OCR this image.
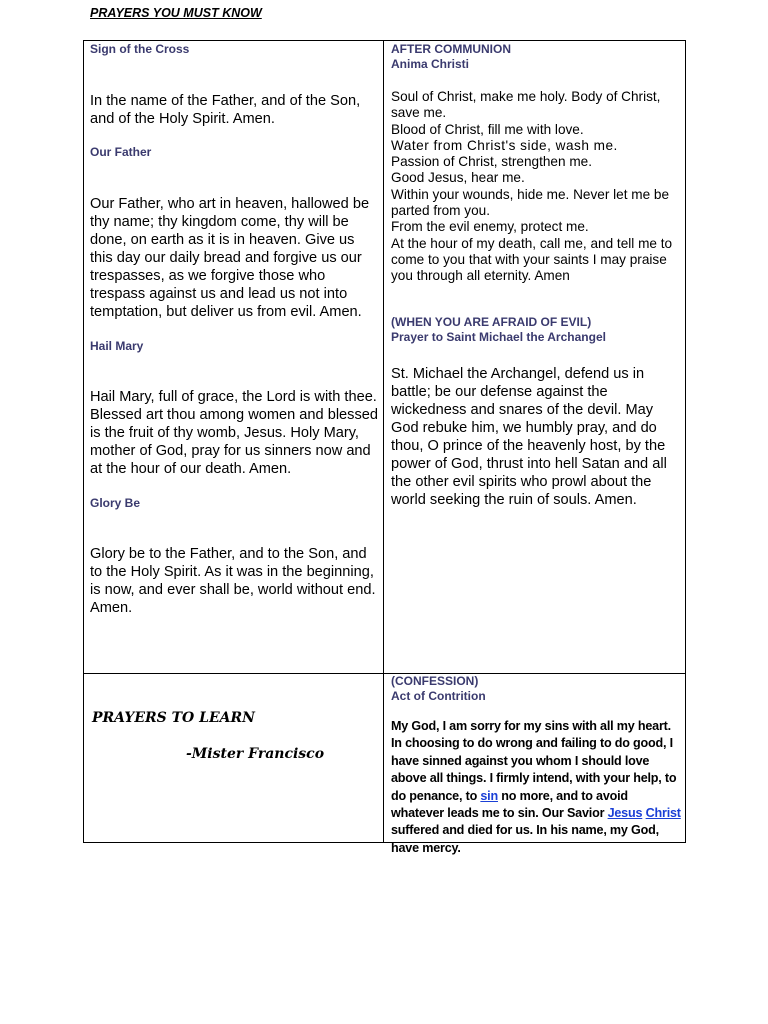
PRAYERS YOU MUST KNOW

Sign of the Cross

In the name of the Father, and of the Son, and of the Holy Spirit. Amen.

Our Father

Our Father, who art in heaven, hallowed be thy name; thy kingdom come, thy will be done, on earth as it is in heaven. Give us this day our daily bread and forgive us our trespasses, as we forgive those who trespass against us and lead us not into temptation, but deliver us from evil. Amen.

Hail Mary

Hail Mary, full of grace, the Lord is with thee. Blessed art thou among women and blessed is the fruit of thy womb, Jesus. Holy Mary, mother of God, pray for us sinners now and at the hour of our death. Amen.

Glory Be

Glory be to the Father, and to the Son, and to the Holy Spirit. As it was in the beginning, is now, and ever shall be, world without end. Amen.

AFTER COMMUNION

Anima Christi

Soul of Christ, make me holy. Body of Christ, save me.

Blood of Christ, fill me with love.

Water from Christ's side, wash me.

Passion of Christ, strengthen me.

Good Jesus, hear me.

Within your wounds, hide me. Never let me be parted from you.

From the evil enemy, protect me.

At the hour of my death, call me, and tell me to come to you that with your saints I may praise you through all eternity. Amen

(WHEN YOU ARE AFRAID OF EVIL)

Prayer to Saint Michael the Archangel

St. Michael the Archangel, defend us in battle; be our defense against the wickedness and snares of the devil. May God rebuke him, we humbly pray, and do thou, O prince of the heavenly host, by the power of God, thrust into hell Satan and all the other evil spirits who prowl about the world seeking the ruin of souls. Amen.

PRAYERS TO LEARN

-Mister Francisco

(CONFESSION)

Act of Contrition

My God, I am sorry for my sins with all my heart. In choosing to do wrong and failing to do good, I have sinned against you whom I should love above all things. I firmly intend, with your help, to do penance, to sin no more, and to avoid whatever leads me to sin. Our Savior Jesus Christ suffered and died for us. In his name, my God, have mercy.
